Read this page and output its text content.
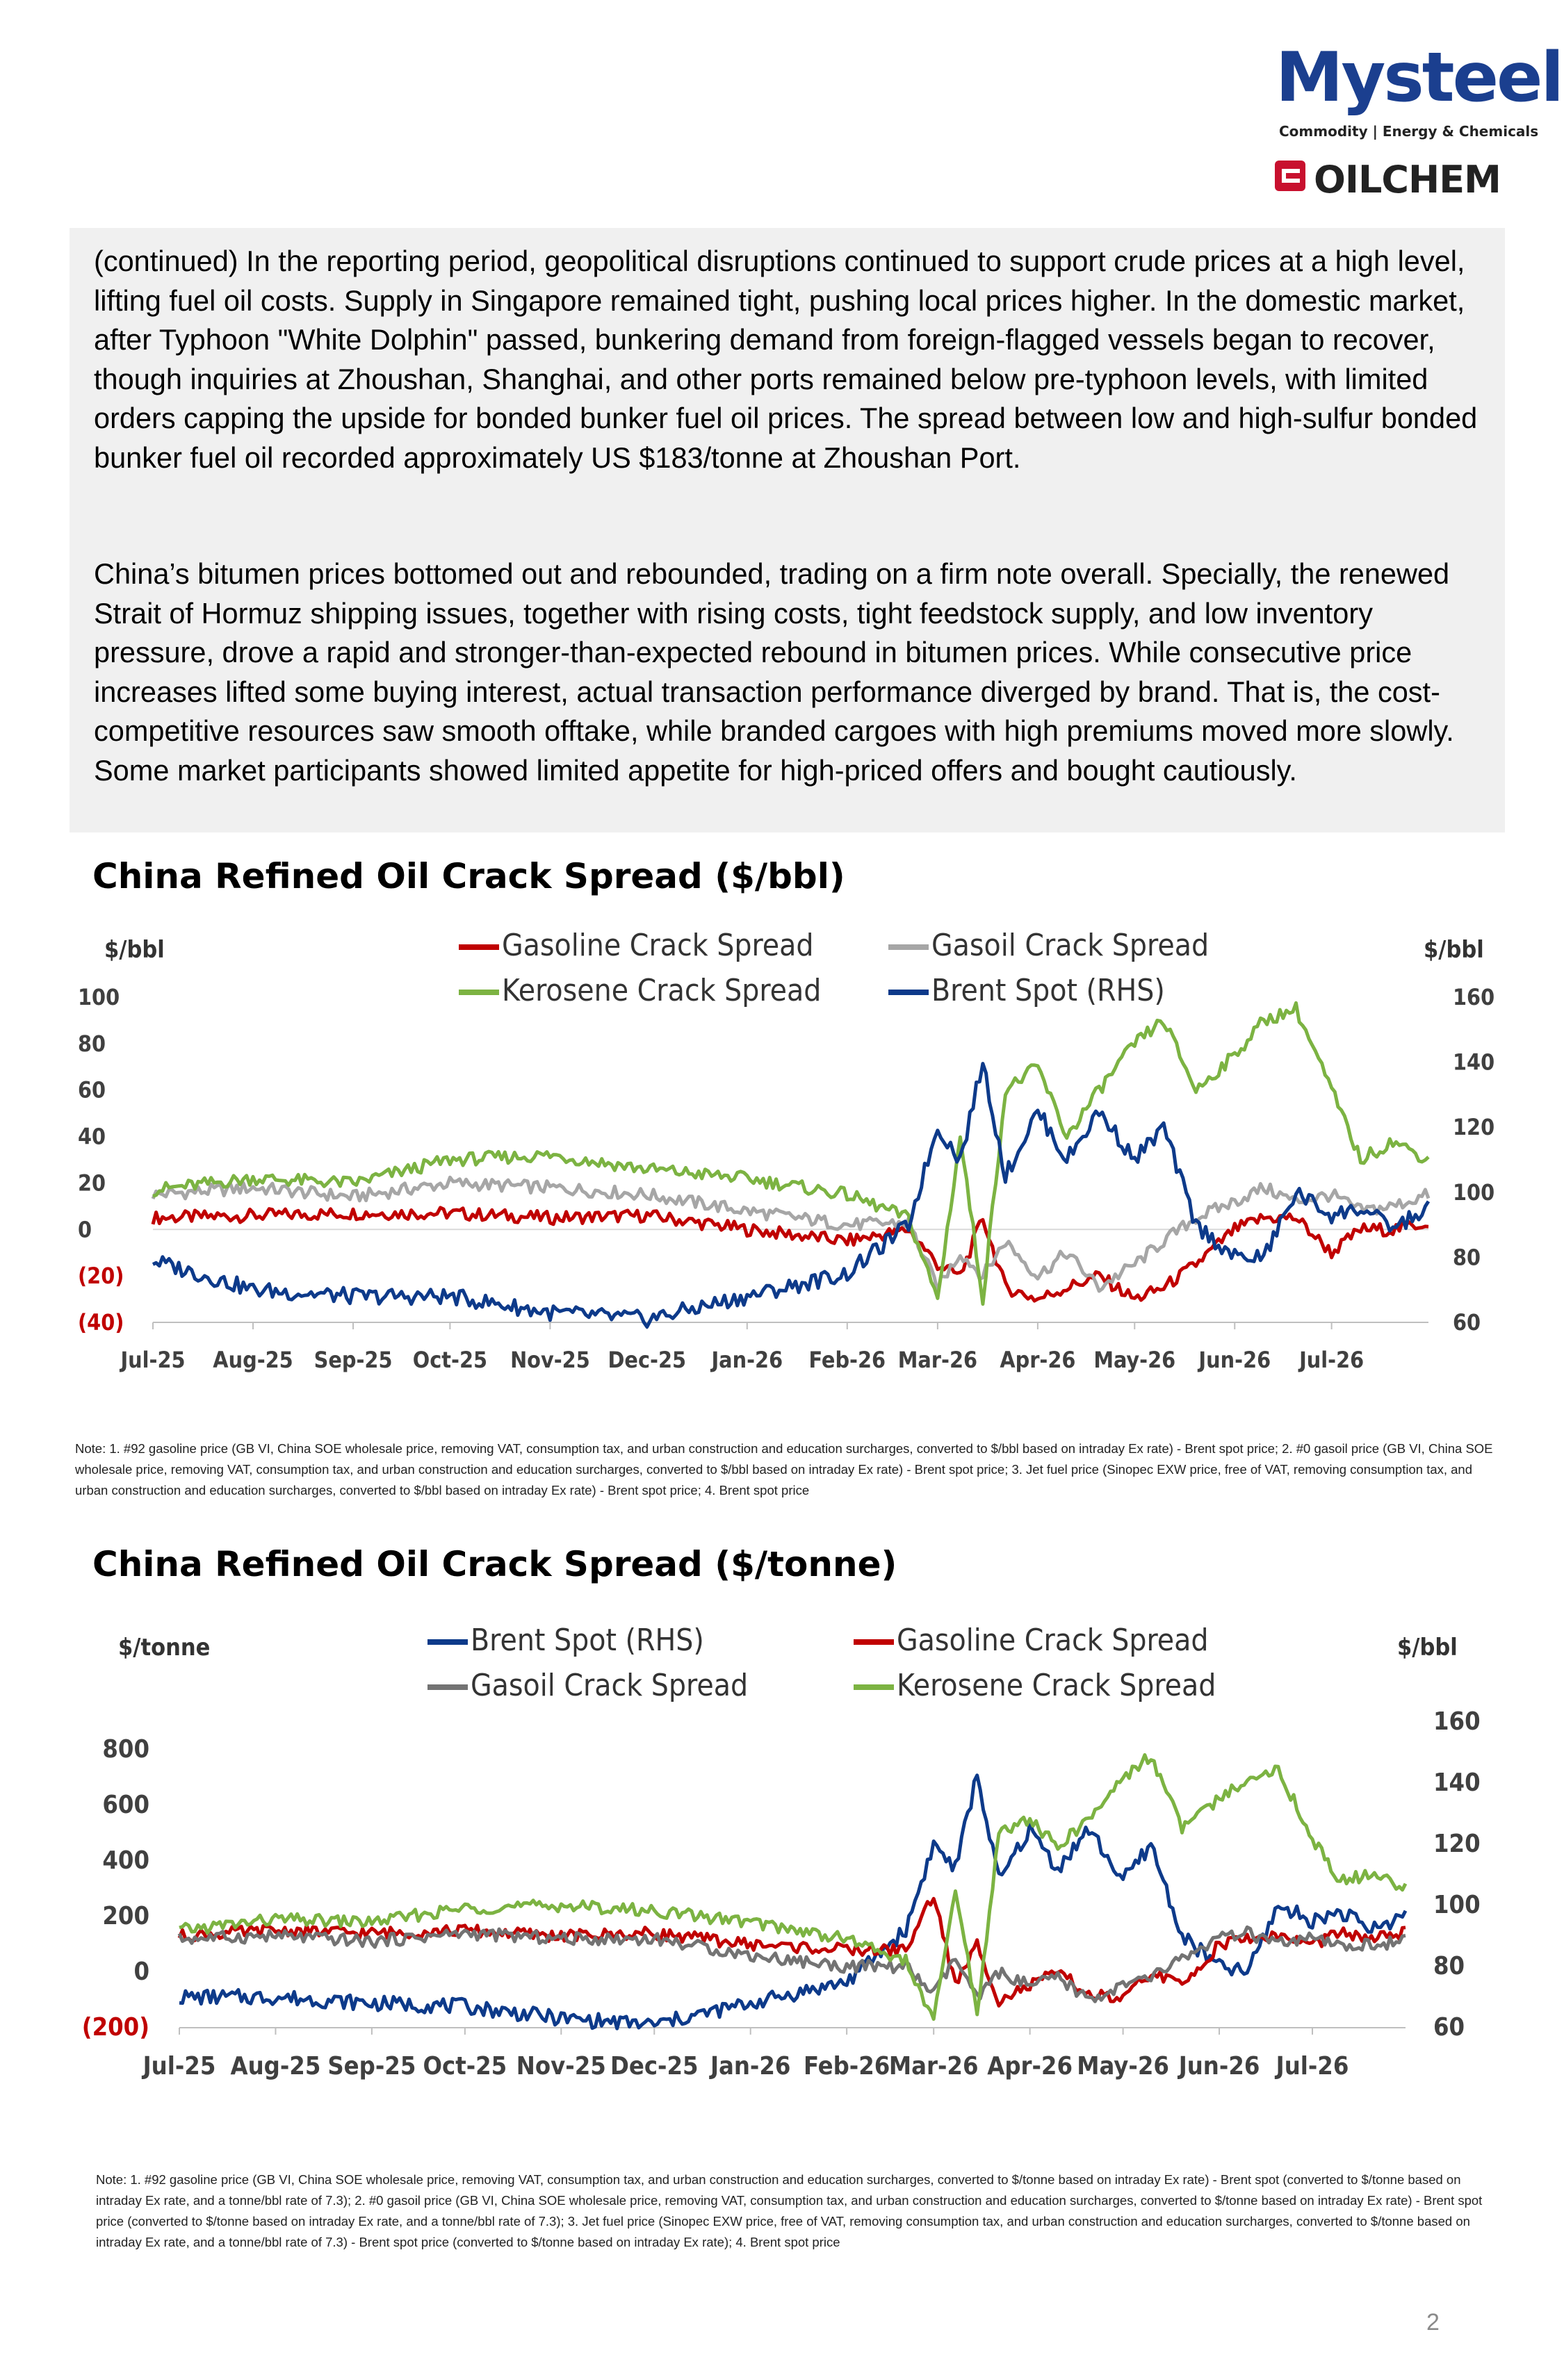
Mysteel
Commodity | Energy & Chemicals
OILCHEM
(continued) In the reporting period, geopolitical disruptions continued to support crude prices at a high level, lifting fuel oil costs. Supply in Singapore remained tight, pushing local prices higher. In the domestic market, after Typhoon "White Dolphin" passed, bunkering demand from foreign-flagged vessels began to recover, though inquiries at Zhoushan, Shanghai, and other ports remained below pre-typhoon levels, with limited orders capping the upside for bonded bunker fuel oil prices. The spread between low and high-sulfur bonded bunker fuel oil recorded approximately US $183/tonne at Zhoushan Port.
China’s bitumen prices bottomed out and rebounded, trading on a firm note overall. Specially, the renewed Strait of Hormuz shipping issues, together with rising costs, tight feedstock supply, and low inventory pressure, drove a rapid and stronger-than-expected rebound in bitumen prices. While consecutive price increases lifted some buying interest, actual transaction performance diverged by brand. That is, the cost-competitive resources saw smooth offtake, while branded cargoes with high premiums moved more slowly. Some market participants showed limited appetite for high-priced offers and bought cautiously.
China Refined Oil Crack Spread ($/bbl)
$/bbl	$/bbl
(40)
(20)
0
20
40
60
80
100
60
80
100
120
140
160
Jul-25 Aug-25 Sep-25 Oct-25 Nov-25 Dec-25 Jan-26 Feb-26 Mar-26 Apr-26 May-26 Jun-26 Jul-26
Gasoline Crack Spread	Gasoil Crack Spread
Kerosene Crack Spread	Brent Spot (RHS)
Note: 1. #92 gasoline price (GB VI, China SOE wholesale price, removing VAT, consumption tax, and urban construction and education surcharges, converted to $/bbl based on intraday Ex rate) - Brent spot price; 2. #0 gasoil price (GB VI, China SOE wholesale price, removing VAT, consumption tax, and urban construction and education surcharges, converted to $/bbl based on intraday Ex rate) - Brent spot price; 3. Jet fuel price (Sinopec EXW price, free of VAT, removing consumption tax, and urban construction and education surcharges, converted to $/bbl based on intraday Ex rate) - Brent spot price; 4. Brent spot price
China Refined Oil Crack Spread ($/tonne)
$/tonne	$/bbl
(200)
0
200
400
600
800
60
80
100
120
140
160
Jul-25 Aug-25 Sep-25 Oct-25 Nov-25 Dec-25 Jan-26 Feb-26
Mar-26 Apr-26 May-26 Jun-26 Jul-26
Brent Spot (RHS)	Gasoline Crack Spread
Gasoil Crack Spread	Kerosene Crack Spread
Note: 1. #92 gasoline price (GB VI, China SOE wholesale price, removing VAT, consumption tax, and urban construction and education surcharges, converted to $/tonne based on intraday Ex rate) - Brent spot (converted to $/tonne based on intraday Ex rate, and a tonne/bbl rate of 7.3); 2. #0 gasoil price (GB VI, China SOE wholesale price, removing VAT, consumption tax, and urban construction and education surcharges, converted to $/tonne based on intraday Ex rate) - Brent spot price (converted to $/tonne based on intraday Ex rate, and a tonne/bbl rate of 7.3); 3. Jet fuel price (Sinopec EXW price, free of VAT, removing consumption tax, and urban construction and education surcharges, converted to $/tonne based on intraday Ex rate, and a tonne/bbl rate of 7.3) - Brent spot price (converted to $/tonne based on intraday Ex rate); 4. Brent spot price
2
